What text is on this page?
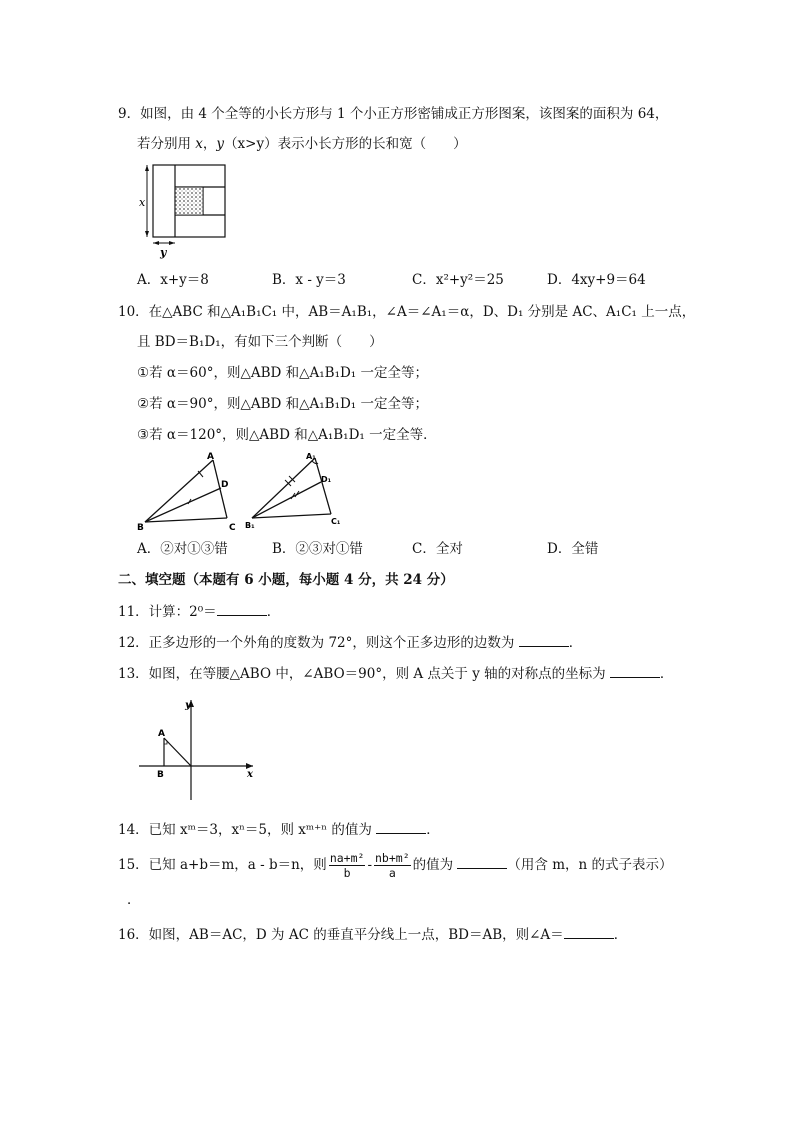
9．如图，由 4 个全等的小长方形与 1 个小正方形密铺成正方形图案，该图案的面积为 64，
若分别用 x，y（x>y）表示小长方形的长和宽（　　）
x
y
A．x+y＝8	B．x - y＝3	C．x²+y²＝25	D．4xy+9＝64
10．在△ABC 和△A₁B₁C₁ 中，AB＝A₁B₁，∠A＝∠A₁＝α，D、D₁ 分别是 AC、A₁C₁ 上一点，
且 BD＝B₁D₁，有如下三个判断（　　）
①若 α＝60°，则△ABD 和△A₁B₁D₁ 一定全等；
②若 α＝90°，则△ABD 和△A₁B₁D₁ 一定全等；
③若 α＝120°，则△ABD 和△A₁B₁D₁ 一定全等．
A
B	C
D
A₁
B₁	C₁
D₁
A．②对①③错	B．②③对①错	C．全对	D．全错
二、填空题（本题有 6 小题，每小题 4 分，共 24 分）
11．计算：2⁰＝	．
12．正多边形的一个外角的度数为 72°，则这个正多边形的边数为	．
13．如图，在等腰△ABO 中，∠ABO＝90°，则 A 点关于 y 轴的对称点的坐标为	．
y
x
A
B
14．已知 xᵐ＝3，xⁿ＝5，则 xᵐ⁺ⁿ 的值为	．
15．已知 a+b＝m，a - b＝n，则 $\frac{\text{na+m²}}{b} - \frac{\text{nb+m²}}{a}$ 的值为	（用含 m，n 的式子表示）
．
16．如图，AB＝AC，D 为 AC 的垂直平分线上一点，BD＝AB，则∠A＝	．
